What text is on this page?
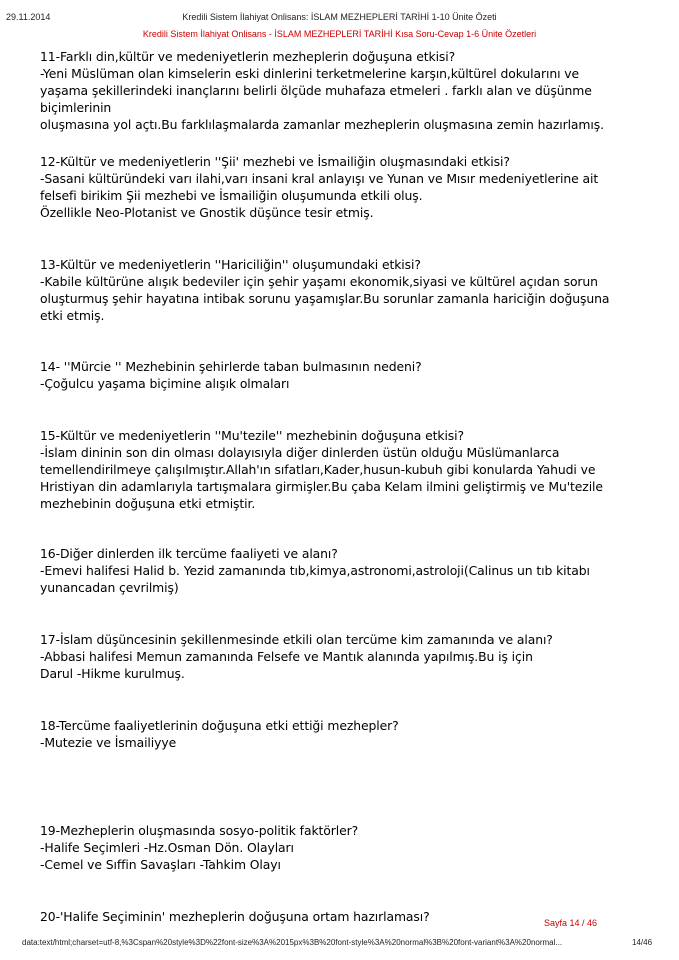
29.11.2014	Kredili Sistem İlahiyat Onlisans: İSLAM MEZHEPLERİ TARİHİ 1-10 Ünite Özeti
Kredili Sistem İlahiyat Onlisans - İSLAM MEZHEPLERİ TARİHİ Kısa Soru-Cevap 1-6 Ünite Özetleri

11-Farklı din,kültür ve medeniyetlerin mezheplerin doğuşuna etkisi?

-Yeni Müslüman olan kimselerin eski dinlerini terketmelerine karşın,kültürel dokularını ve

yaşama şekillerindeki inançlarını belirli ölçüde muhafaza etmeleri . farklı alan ve düşünme biçimlerinin

oluşmasına yol açtı.Bu farklılaşmalarda zamanlar mezheplerin oluşmasına zemin hazırlamış.

12-Kültür ve medeniyetlerin ''Şii' mezhebi ve İsmailiğin oluşmasındaki etkisi?

-Sasani kültüründeki varı ilahi,varı insani kral anlayışı ve Yunan ve Mısır medeniyetlerine ait

felsefi birikim Şii mezhebi ve İsmailiğin oluşumunda etkili oluş.

Özellikle Neo-Plotanist ve Gnostik düşünce tesir etmiş.

13-Kültür ve medeniyetlerin ''Hariciliğin'' oluşumundaki etkisi?

-Kabile kültürüne alışık bedeviler için şehir yaşamı ekonomik,siyasi ve kültürel açıdan sorun

oluşturmuş şehir hayatına intibak sorunu yaşamışlar.Bu sorunlar zamanla hariciğin doğuşuna

etki etmiş.

14- ''Mürcie '' Mezhebinin şehirlerde taban bulmasının nedeni?

-Çoğulcu yaşama biçimine alışık olmaları

15-Kültür ve medeniyetlerin ''Mu'tezile'' mezhebinin doğuşuna etkisi?

-İslam dininin son din olması dolayısıyla diğer dinlerden üstün olduğu Müslümanlarca

temellendirilmeye çalışılmıştır.Allah'ın sıfatları,Kader,husun-kubuh gibi konularda Yahudi ve

Hristiyan din adamlarıyla tartışmalara girmişler.Bu çaba Kelam ilmini geliştirmiş ve Mu'tezile

mezhebinin doğuşuna etki etmiştir.

16-Diğer dinlerden ilk tercüme faaliyeti ve alanı?

-Emevi halifesi Halid b. Yezid zamanında tıb,kimya,astronomi,astroloji(Calinus un tıb kitabı

yunancadan çevrilmiş)

17-İslam düşüncesinin şekillenmesinde etkili olan tercüme kim zamanında ve alanı?

-Abbasi halifesi Memun zamanında Felsefe ve Mantık alanında yapılmış.Bu iş için

Darul -Hikme kurulmuş.

18-Tercüme faaliyetlerinin doğuşuna etki ettiği mezhepler?

-Mutezie ve İsmailiyye

19-Mezheplerin oluşmasında sosyo-politik faktörler?

-Halife Seçimleri -Hz.Osman Dön. Olayları

-Cemel ve Sıffin Savaşları -Tahkim Olayı

20-'Halife Seçiminin' mezheplerin doğuşuna ortam hazırlaması?	Sayfa 14 / 46
data:text/html;charset=utf-8,%3Cspan%20style%3D%22font-size%3A%2015px%3B%20font-style%3A%20normal%3B%20font-variant%3A%20normal...	14/46
